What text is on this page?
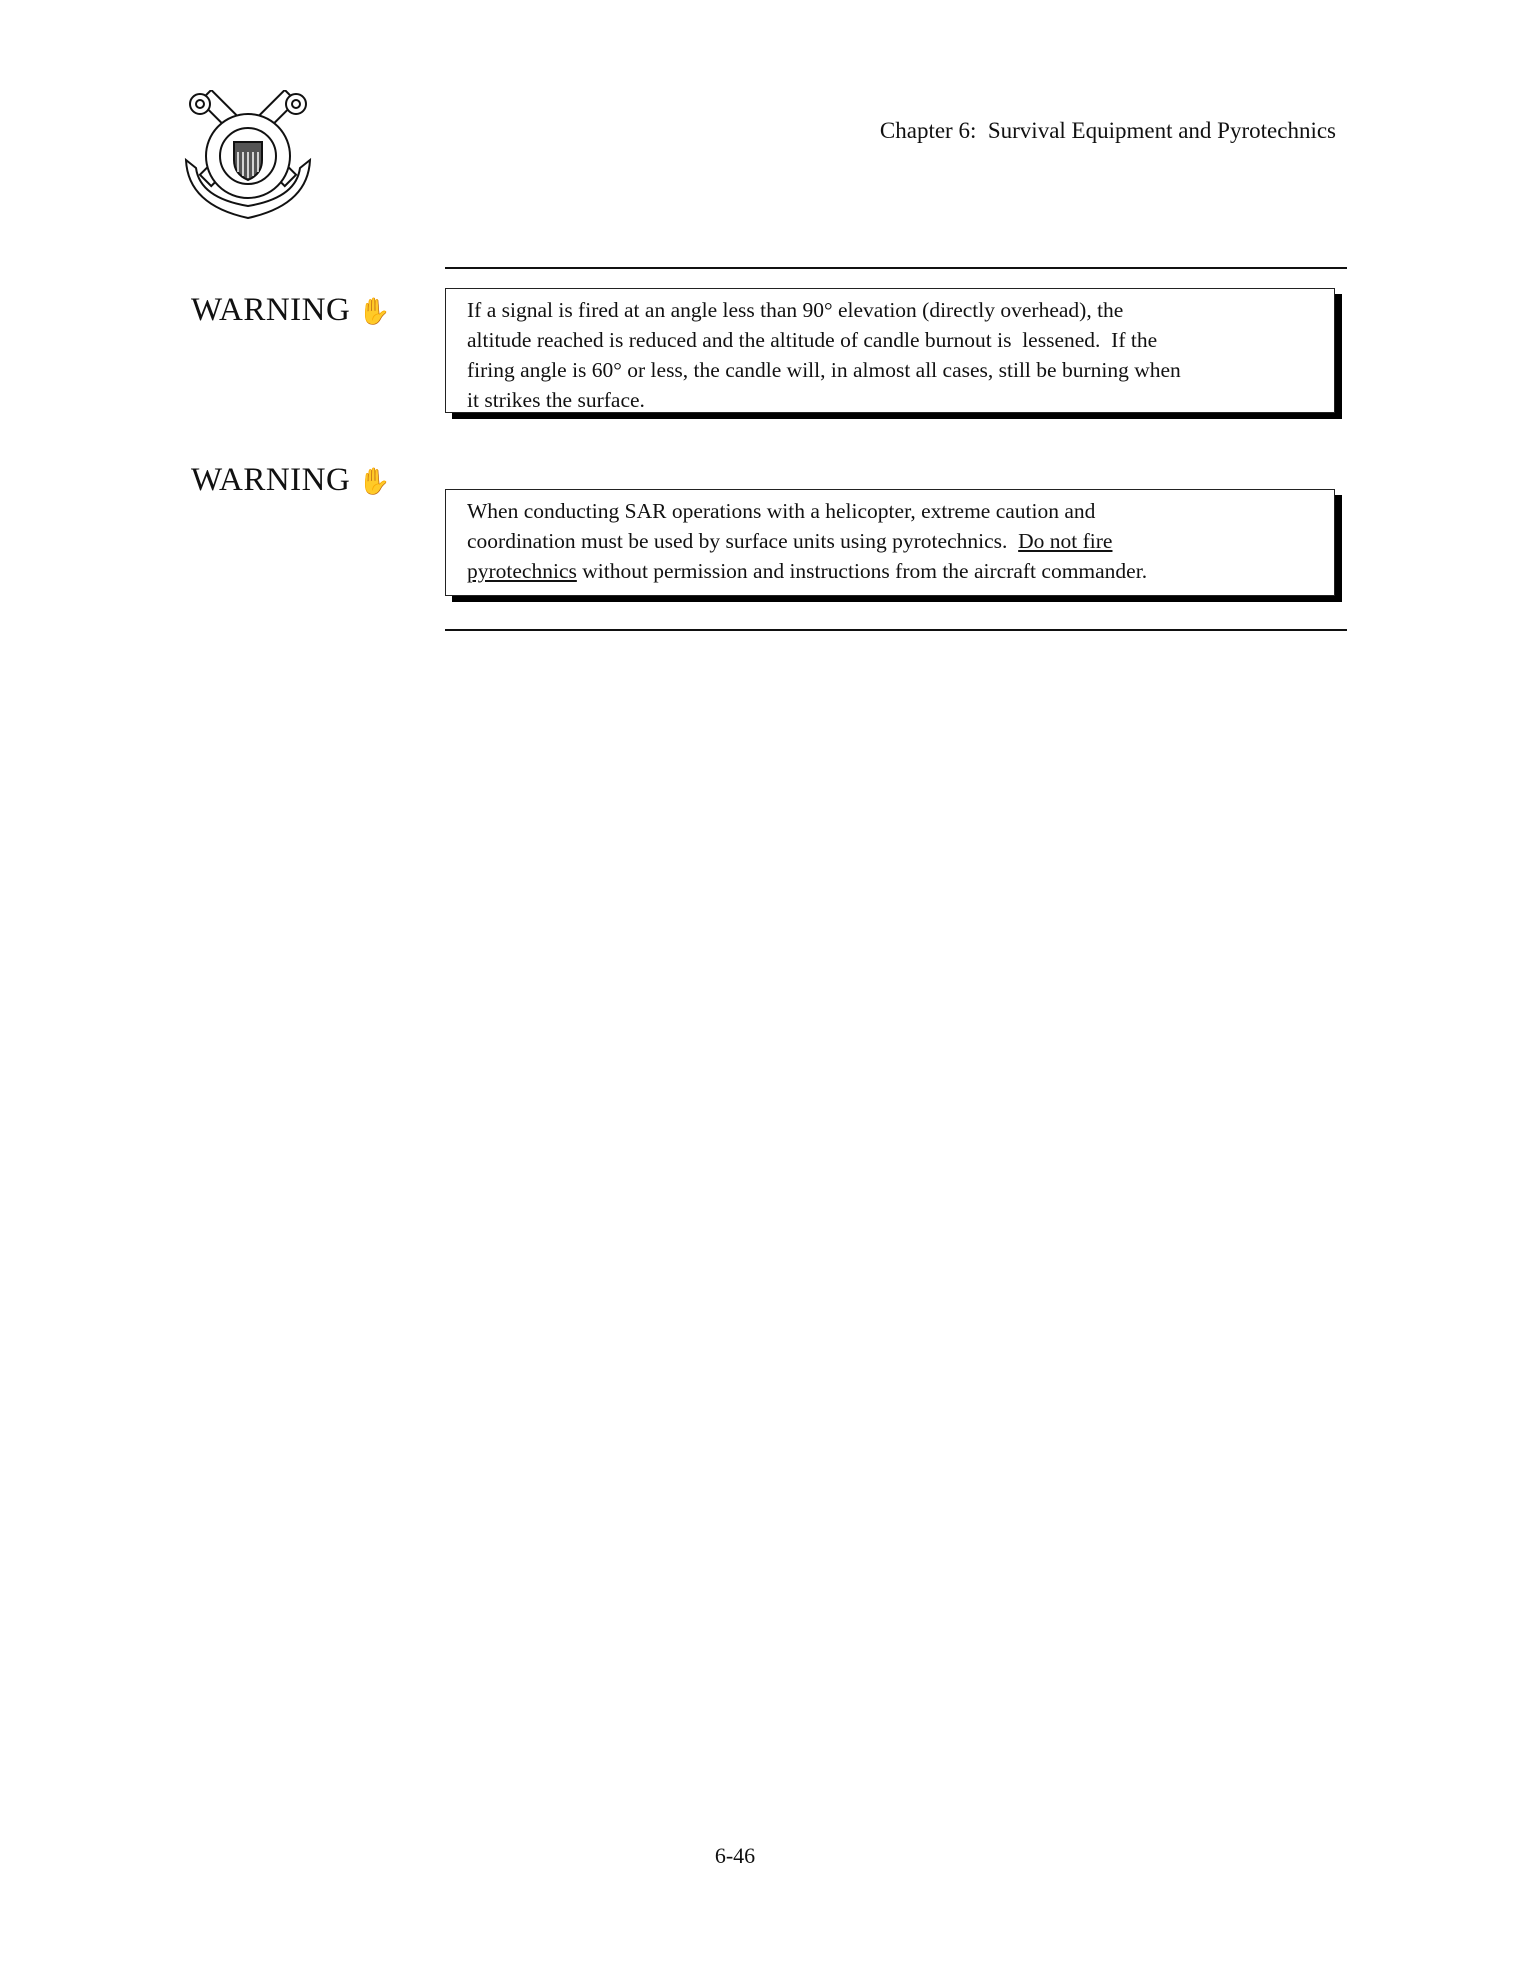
Chapter 6:  Survival Equipment and Pyrotechnics
WARNING ✋	If a signal is fired at an angle less than 90° elevation (directly overhead), the
altitude reached is reduced and the altitude of candle burnout is  lessened.  If the
firing angle is 60° or less, the candle will, in almost all cases, still be burning when
it strikes the surface.
WARNING ✋
When conducting SAR operations with a helicopter, extreme caution and
coordination must be used by surface units using pyrotechnics.  Do not fire
pyrotechnics without permission and instructions from the aircraft commander.
6-46
